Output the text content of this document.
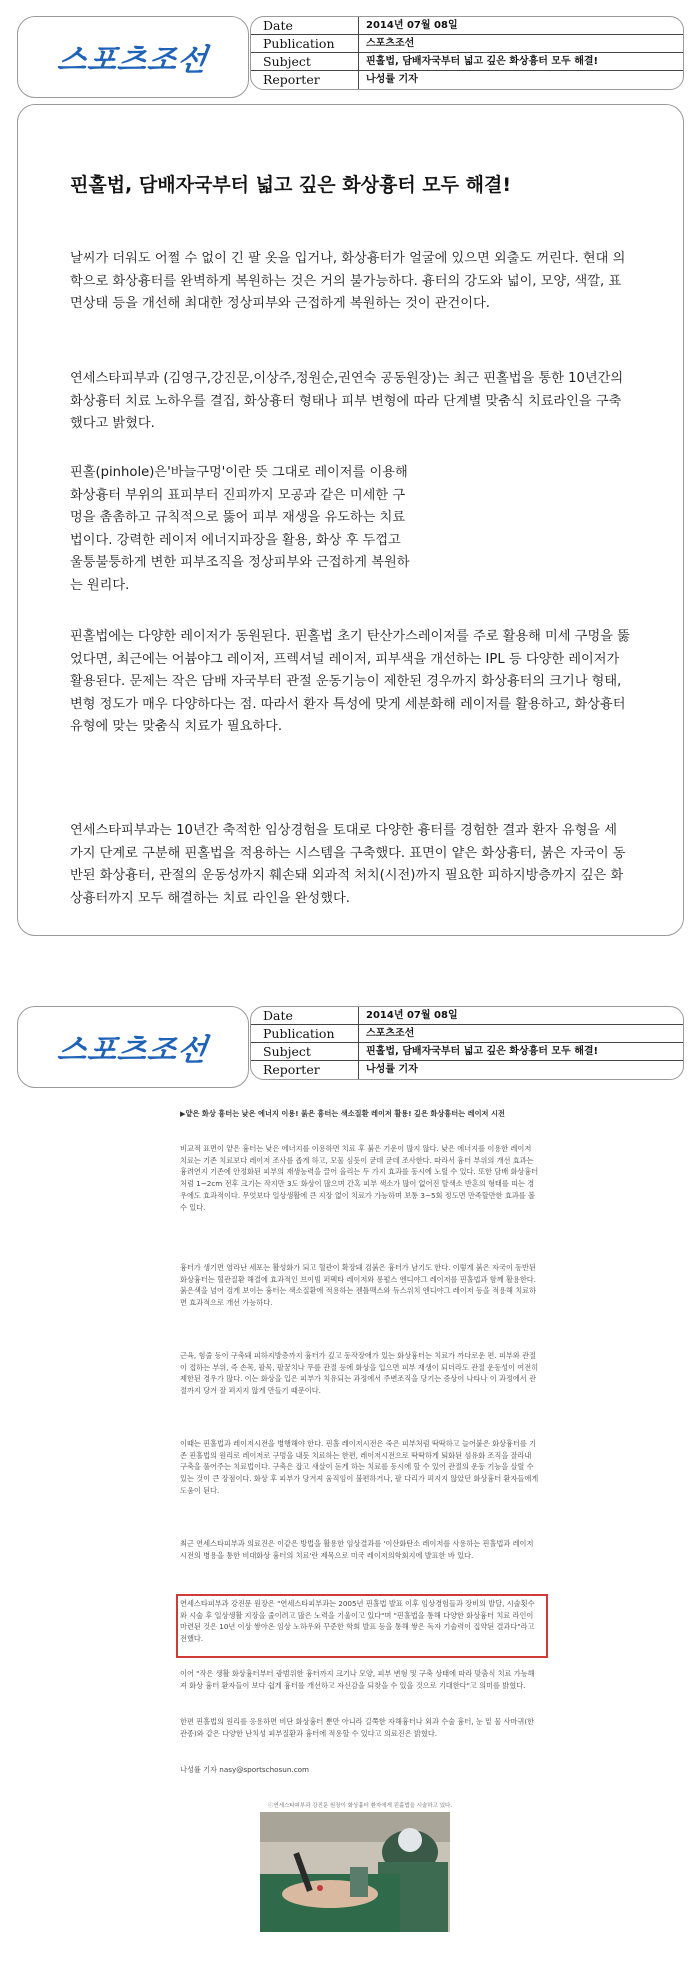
스포츠조선
Date	2014년 07월 08일
Publication	스포츠조선
Subject	핀홀법, 담배자국부터 넓고 깊은 화상흉터 모두 해결!
Reporter	나성률 기자
핀홀법, 담배자국부터 넓고 깊은 화상흉터 모두 해결!

날씨가 더워도 어쩔 수 없이 긴 팔 옷을 입거나, 화상흉터가 얼굴에 있으면 외출도 꺼린다. 현대 의학으로 화상흉터를 완벽하게 복원하는 것은 거의 불가능하다. 흉터의 강도와 넓이, 모양, 색깔, 표면상태 등을 개선해 최대한 정상피부와 근접하게 복원하는 것이 관건이다.

연세스타피부과 (김영구,강진문,이상주,정원순,권연숙 공동원장)는 최근 핀홀법을 통한 10년간의 화상흉터 치료 노하우를 결집, 화상흉터 형태나 피부 변형에 따라 단계별 맞춤식 치료라인을 구축했다고 밝혔다.

핀홀(pinhole)은'바늘구멍'이란 뜻 그대로 레이저를 이용해 화상흉터 부위의 표피부터 진피까지 모공과 같은 미세한 구멍을 촘촘하고 규칙적으로 뚫어 피부 재생을 유도하는 치료법이다. 강력한 레이저 에너지파장을 활용, 화상 후 두껍고 울퉁불퉁하게 변한 피부조직을 정상피부와 근접하게 복원하는 원리다.

핀홀법에는 다양한 레이저가 동원된다. 핀홀법 초기 탄산가스레이저를 주로 활용해 미세 구멍을 뚫었다면, 최근에는 어븀야그 레이저, 프렉셔널 레이저, 피부색을 개선하는 IPL 등 다양한 레이저가 활용된다. 문제는 작은 담배 자국부터 관절 운동기능이 제한된 경우까지 화상흉터의 크기나 형태, 변형 정도가 매우 다양하다는 점. 따라서 환자 특성에 맞게 세분화해 레이저를 활용하고, 화상흉터 유형에 맞는 맞춤식 치료가 필요하다.

연세스타피부과는 10년간 축적한 임상경험을 토대로 다양한 흉터를 경험한 결과 환자 유형을 세 가지 단계로 구분해 핀홀법을 적용하는 시스템을 구축했다. 표면이 얕은 화상흉터, 붉은 자국이 동반된 화상흉터, 관절의 운동성까지 훼손돼 외과적 처치(시전)까지 필요한 피하지방층까지 깊은 화상흉터까지 모두 해결하는 치료 라인을 완성했다.

스포츠조선
Date	2014년 07월 08일
Publication	스포츠조선
Subject	핀홀법, 담배자국부터 넓고 깊은 화상흉터 모두 해결!
Reporter	나성률 기자

▶얕은 화상 흉터는 낮은 에너지 이용! 붉은 흉터는 색소질환 레이저 활용! 깊은 화상흉터는 레이저 시전

비교적 표면이 얕은 흉터는 낮은 에너지를 이용하면 치료 후 붉은 기운이 많지 않다. 낮은 에너지를 이용한 레이저 치료는 기존 치료보다 레이저 조사를 좁게 하고, 모물 심듯이 굳데 굳데 조사한다. 따라서 흉터 부위의 개선 효과는 흉려연지 기존에 안정화된 피부의 재생능력을 끌어 올리는 두 가지 효과를 동시에 노릴 수 있다. 또한 담배 화상흉터처럼 1~2cm 전후 크기는 작지만 3도 화상이 많으며 간혹 피부 색소가 많이 없어진 탈색소 반흔의 형태를 띠는 경우에도 효과적이다. 무엇보다 일상생활에 큰 지장 없이 치료가 가능하며 보통 3~5회 정도면 만족할만한 효과를 볼 수 있다.

흉터가 생기면 염라난 세포는 활성화가 되고 혈관이 확장돼 검붉은 흉터가 남기도 한다. 이렇게 붉은 자국이 동반된 화상흉터는 혈관질환 해결에 효과적인 브이빔 퍼펙타 레이저와 롱펄스 엔디야그 레이저를 핀홀법과 함께 활용한다. 붉은색을 넘어 검게 보이는 흉터는 색소질환에 적용하는 젠틀맥스와 듀스위치 엔디야그 레이저 등을 적용해 치료하면 효과적으로 개선 가능하다.

근육, 힘줄 등이 구축돼 피하지방층까지 흉터가 깊고 동작장애가 있는 화상흉터는 치료가 까다로운 편. 피부와 관절이 접하는 부위, 즉 손목, 팔목, 팔꿈치나 무릎 관절 등에 화상을 입으면 피부 재생이 되더라도 관절 운동성이 여전히 제한된 경우가 많다. 이는 화상을 입은 피부가 치유되는 과정에서 주변조직을 당기는 증상이 나타나 이 과정에서 관절까지 당겨 잘 펴지지 않게 만들기 때문이다.

이때는 핀홀법과 레이저시전을 병행해야 한다. 핀홀 레이저시전은 죽은 피부처럼 딱딱하고 늘어붙은 화상흉터를 기존 핀홀법의 원리로 레이저로 구멍을 내듯 치료하는 한편, 레이저시전으로 딱딱하게 퇴화된 섬유화 조직을 잘라내 구축을 풀어주는 치료법이다. 구축은 잡고 새살이 돋게 하는 치료를 동시에 할 수 있어 관절의 운동 기능을 살릴 수 있는 것이 큰 장점이다. 화상 후 피부가 당겨져 움직임이 불편하거나, 팔 다리가 펴지지 않았던 화상흉터 환자들에게 도움이 된다.

최근 연세스타피부과 의료진은 이같은 방법을 활용한 임상결과를 '이산화탄소 레이저를 사용하는 핀홀법과 레이저 시전의 병용을 통한 비대화상 흉터의 치료'란 제목으로 미국 레이저의학회지에 발표한 바 있다.

연세스타피부과 강진문 원장은 "연세스타피부과는 2005년 핀홀법 발표 이후 임상경험들과 장비의 발달, 시술횟수와 시술 후 일상생활 지장을 줄이려고 많은 노력을 기울이고 있다"며 "핀홀법을 통해 다양한 화상흉터 치료 라인이 마련된 것은 10년 이상 쌓아온 임상 노하우와 꾸준한 학회 발표 등을 통해 쌓은 독자 기술력이 집약된 결과다"라고 전했다.

이어 "작은 생활 화상흉터부터 광범위한 흉터까지 크기나 모양, 피부 변형 및 구축 상태에 따라 맞춤식 치료 가능해져 화상 흉터 환자들이 보다 쉽게 흉터를 개선하고 자신감을 되찾을 수 있을 것으로 기대한다"고 의미를 밝혔다.

한편 핀홀법의 원리를 응용하면 비단 화상흉터 뿐만 아니라 길쭉한 자해흉터나 외과 수술 흉터, 눈 밑 물 사마귀(한관종)와 같은 다양한 난치성 피부질환과 흉터에 적용할 수 있다고 의료진은 밝혔다.

나성률 기자 nasy@sportschosun.com

ⓒ연세스타피부과 강진문 원장이 화상흉터 환자에게 핀홀법을 시술하고 있다.
